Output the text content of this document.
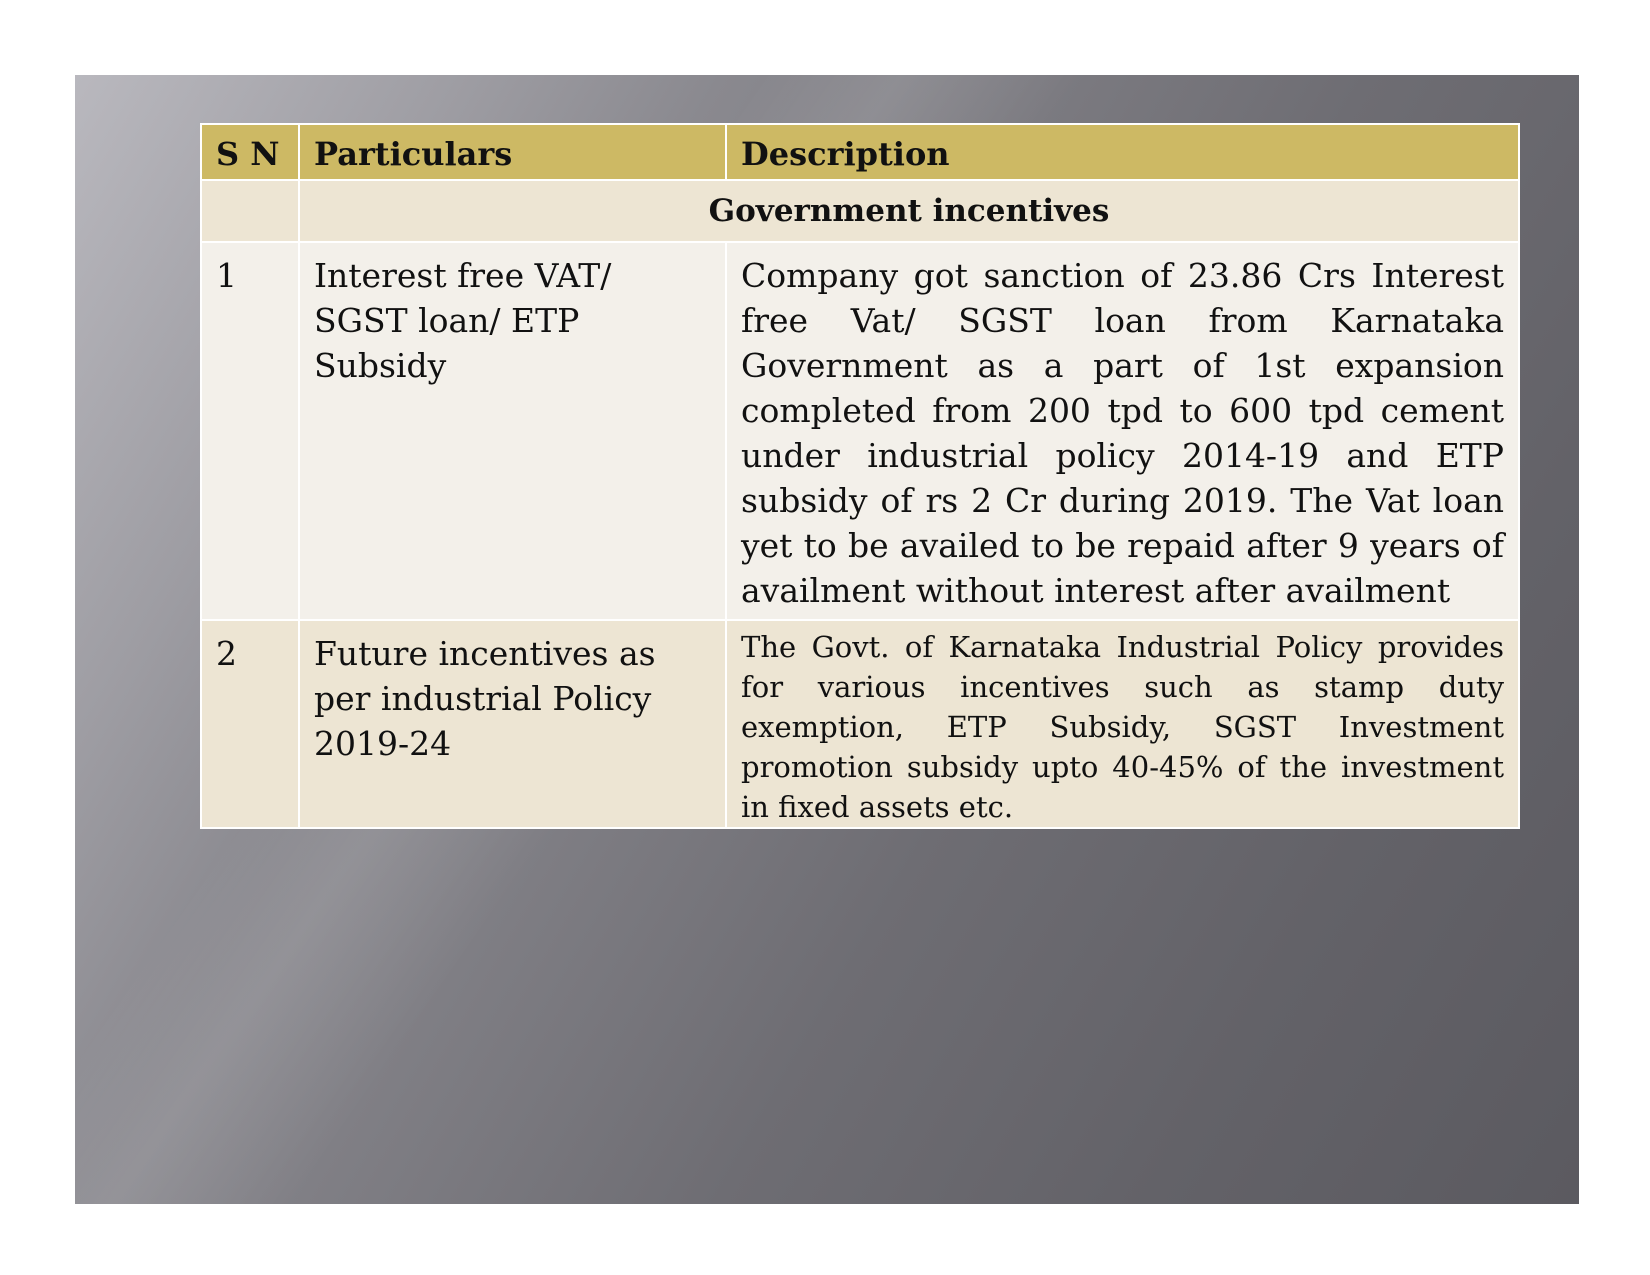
S N	Particulars	Description
	Government incentives	
1	Interest free VAT/ SGST loan/ ETP Subsidy	Company got sanction of 23.86 Crs Interest free Vat/ SGST loan from Karnataka Government as a part of 1st expansion completed from 200 tpd to 600 tpd cement under industrial policy 2014-19 and ETP subsidy of rs 2 Cr during 2019. The Vat loan yet to be availed to be repaid after 9 years of availment without interest after availment
2	Future incentives as per industrial Policy 2019-24	The Govt. of Karnataka Industrial Policy provides for various incentives such as stamp duty exemption, ETP Subsidy, SGST Investment promotion subsidy upto 40-45% of the investment in fixed assets etc.
